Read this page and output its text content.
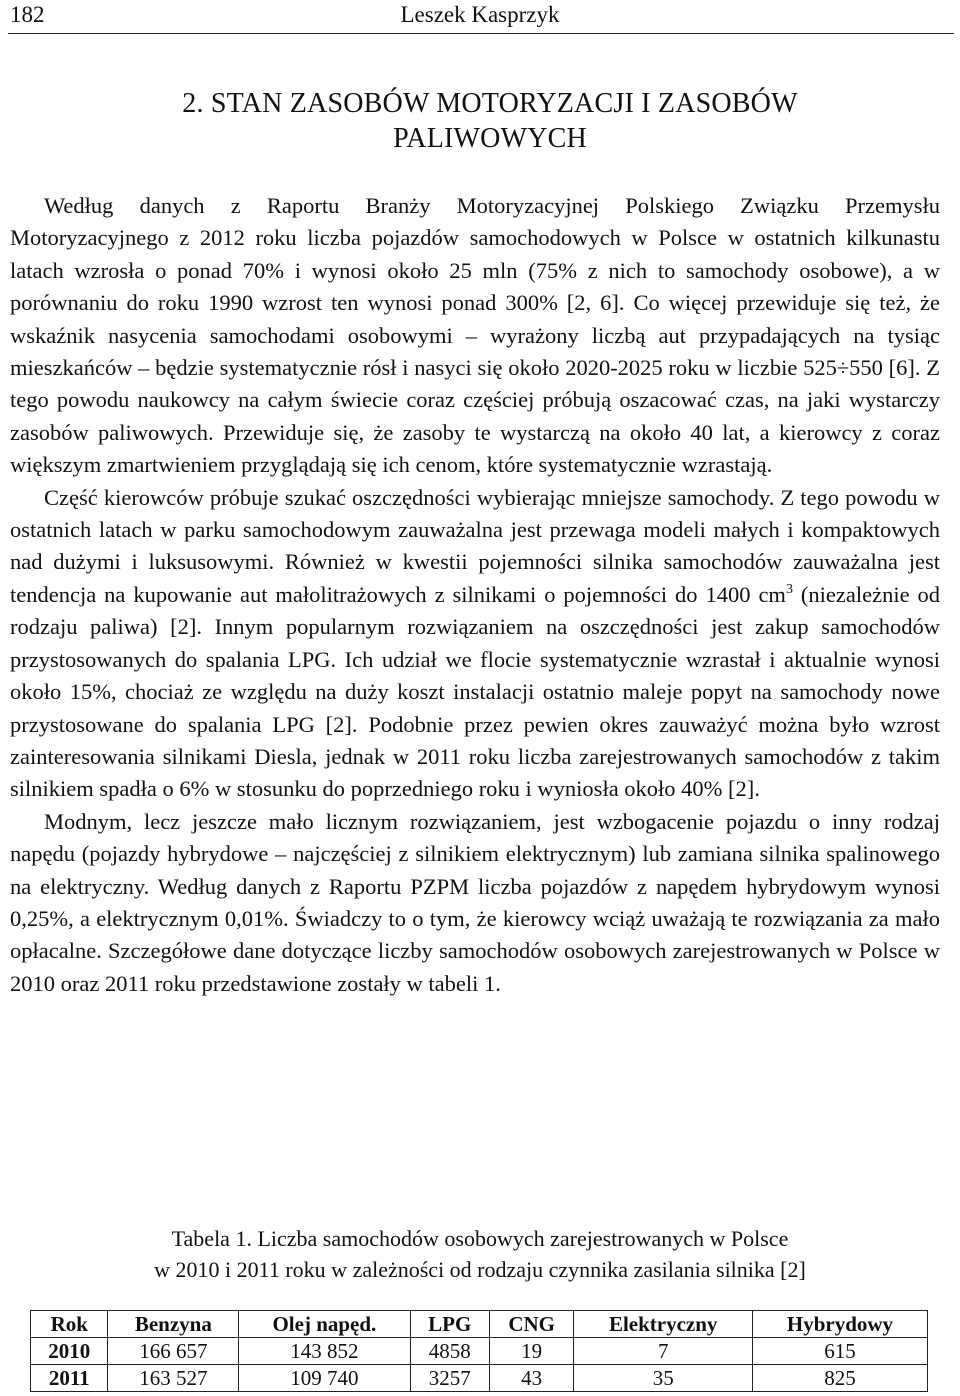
182	Leszek Kasprzyk
2. STAN ZASOBÓW MOTORYZACJI I ZASOBÓW
PALIWOWYCH

Według danych z Raportu Branży Motoryzacyjnej Polskiego Związku Przemysłu Motoryzacyjnego z 2012 roku liczba pojazdów samochodowych w Polsce w ostatnich kilkunastu latach wzrosła o ponad 70% i wynosi około 25 mln (75% z nich to samochody osobowe), a w porównaniu do roku 1990 wzrost ten wynosi ponad 300% [2, 6]. Co więcej przewiduje się też, że wskaźnik nasycenia samochodami osobowymi – wyrażony liczbą aut przypadających na tysiąc mieszkańców – będzie systematycznie rósł i nasyci się około 2020-2025 roku w liczbie 525÷550 [6]. Z tego powodu naukowcy na całym świecie coraz częściej próbują oszacować czas, na jaki wystarczy zasobów paliwowych. Przewiduje się, że zasoby te wystarczą na około 40 lat, a kierowcy z coraz większym zmartwieniem przyglądają się ich cenom, które systematycznie wzrastają.

Część kierowców próbuje szukać oszczędności wybierając mniejsze samochody. Z tego powodu w ostatnich latach w parku samochodowym zauważalna jest przewaga modeli małych i kompaktowych nad dużymi i luksusowymi. Również w kwestii pojemności silnika samochodów zauważalna jest tendencja na kupowanie aut małolitrażowych z silnikami o pojemności do 1400 $cm^3$ (niezależnie od rodzaju paliwa) [2]. Innym popularnym rozwiązaniem na oszczędności jest zakup samochodów przystosowanych do spalania LPG. Ich udział we flocie systematycznie wzrastał i aktualnie wynosi około 15%, chociaż ze względu na duży koszt instalacji ostatnio maleje popyt na samochody nowe przystosowane do spalania LPG [2]. Podobnie przez pewien okres zauważyć można było wzrost zainteresowania silnikami Diesla, jednak w 2011 roku liczba zarejestrowanych samochodów z takim silnikiem spadła o 6% w stosunku do poprzedniego roku i wyniosła około 40% [2].

Modnym, lecz jeszcze mało licznym rozwiązaniem, jest wzbogacenie pojazdu o inny rodzaj napędu (pojazdy hybrydowe – najczęściej z silnikiem elektrycznym) lub zamiana silnika spalinowego na elektryczny. Według danych z Raportu PZPM liczba pojazdów z napędem hybrydowym wynosi 0,25%, a elektrycznym 0,01%. Świadczy to o tym, że kierowcy wciąż uważają te rozwiązania za mało opłacalne. Szczegółowe dane dotyczące liczby samochodów osobowych zarejestrowanych w Polsce w 2010 oraz 2011 roku przedstawione zostały w tabeli 1.

Tabela 1. Liczba samochodów osobowych zarejestrowanych w Polsce
w 2010 i 2011 roku w zależności od rodzaju czynnika zasilania silnika [2]
Rok	Benzyna	Olej napęd.	LPG	CNG	Elektryczny	Hybrydowy
2010	166 657	143 852	4858	19	7	615
2011	163 527	109 740	3257	43	35	825
